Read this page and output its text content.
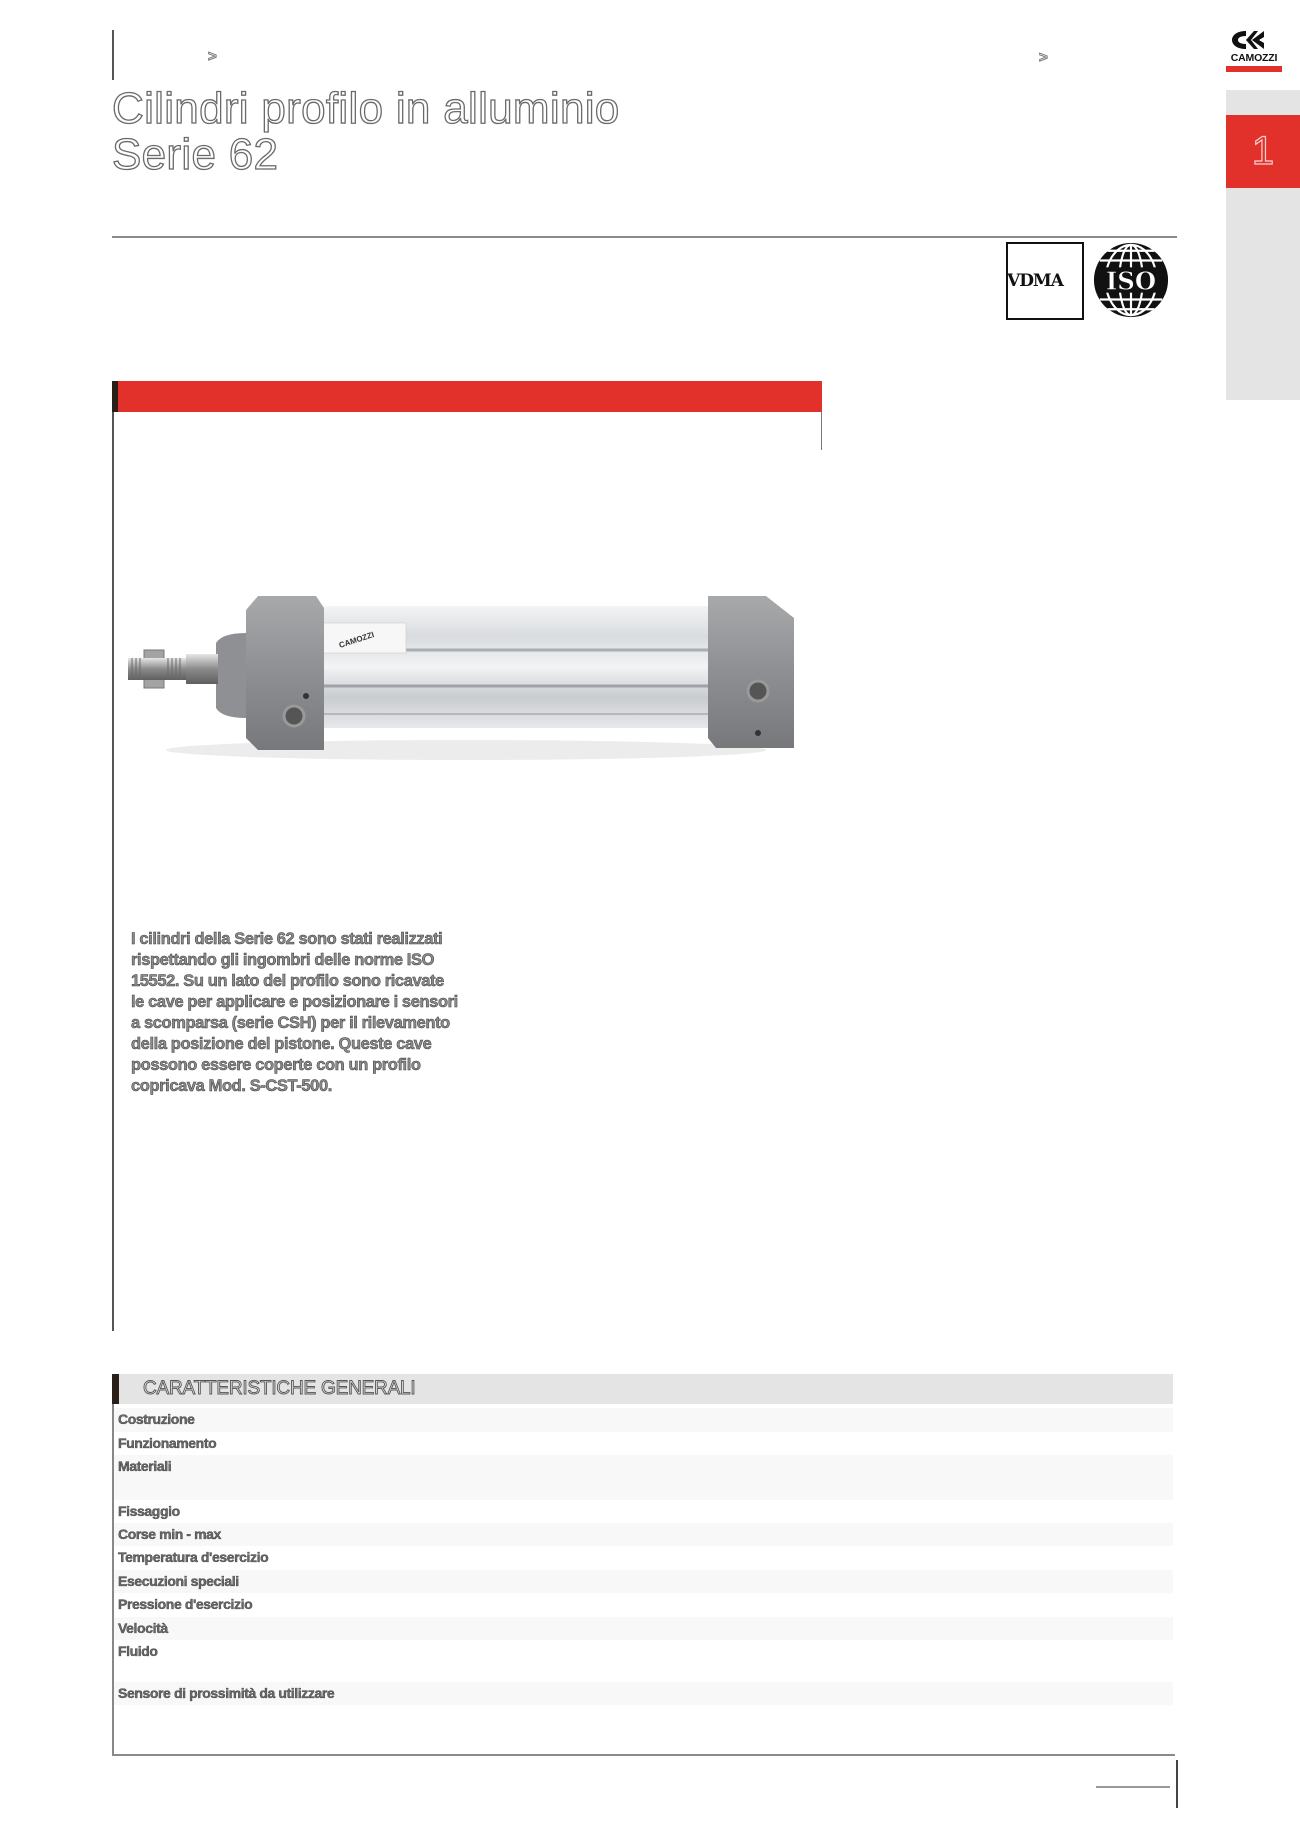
>	>
Cilindri profilo in alluminio
Serie 62
CAMOZZI
1
VDMA ISO
CAMOZZI
I cilindri della Serie 62 sono stati realizzati rispettando gli ingombri delle norme ISO 15552. Su un lato del profilo sono ricavate le cave per applicare e posizionare i sensori a scomparsa (serie CSH) per il rilevamento della posizione del pistone. Queste cave possono essere coperte con un profilo copricava Mod. S-CST-500.
CARATTERISTICHE GENERALI
Costruzione
Funzionamento
Materiali
Fissaggio
Corse min - max
Temperatura d'esercizio
Esecuzioni speciali
Pressione d'esercizio
Velocità
Fluido
Sensore di prossimità da utilizzare
